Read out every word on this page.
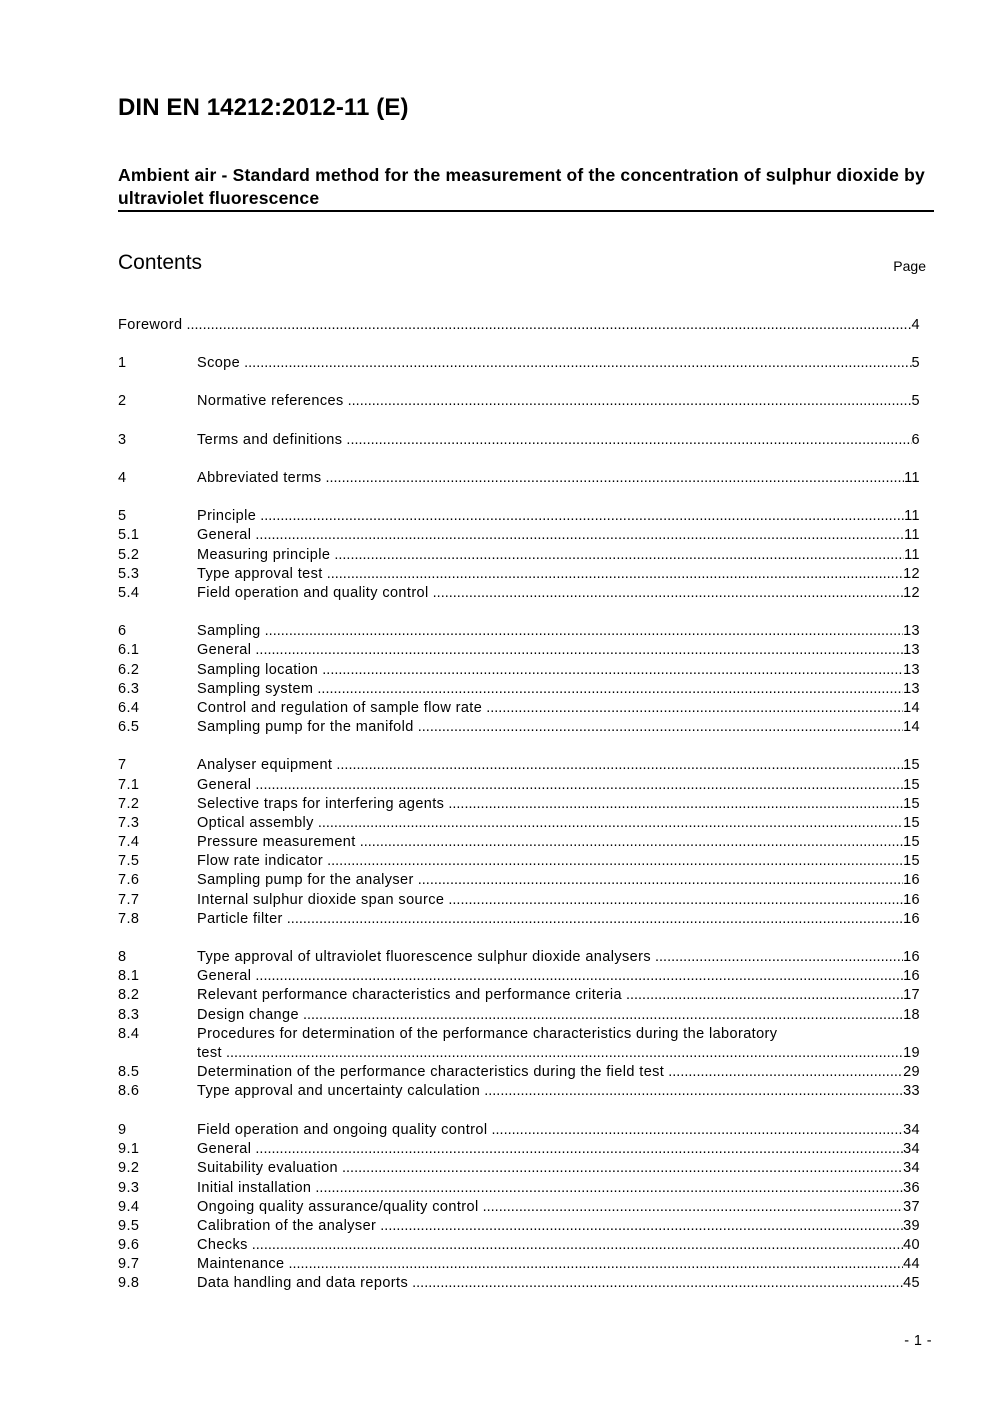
DIN EN 14212:2012-11 (E)
Ambient air - Standard method for the measurement of the concentration of sulphur dioxide by ultraviolet fluorescence
Contents	Page
Foreword .....	4
1	Scope .....	5
2	Normative references .....	5
3	Terms and definitions .....	6
4	Abbreviated terms .....	11
5	Principle .....	11
5.1	General .....	11
5.2	Measuring principle .....	11
5.3	Type approval test .....	12
5.4	Field operation and quality control .....	12
6	Sampling .....	13
6.1	General .....	13
6.2	Sampling location .....	13
6.3	Sampling system .....	13
6.4	Control and regulation of sample flow rate .....	14
6.5	Sampling pump for the manifold .....	14
7	Analyser equipment .....	15
7.1	General .....	15
7.2	Selective traps for interfering agents .....	15
7.3	Optical assembly .....	15
7.4	Pressure measurement .....	15
7.5	Flow rate indicator .....	15
7.6	Sampling pump for the analyser .....	16
7.7	Internal sulphur dioxide span source .....	16
7.8	Particle filter .....	16
8	Type approval of ultraviolet fluorescence sulphur dioxide analysers .....	16
8.1	General .....	16
8.2	Relevant performance characteristics and performance criteria .....	17
8.3	Design change .....	18
8.4	Procedures for determination of the performance characteristics during the laboratory
test .....	19
8.5	Determination of the performance characteristics during the field test .....	29
8.6	Type approval and uncertainty calculation .....	33
9	Field operation and ongoing quality control .....	34
9.1	General .....	34
9.2	Suitability evaluation .....	34
9.3	Initial installation .....	36
9.4	Ongoing quality assurance/quality control .....	37
9.5	Calibration of the analyser .....	39
9.6	Checks .....	40
9.7	Maintenance .....	44
9.8	Data handling and data reports .....	45
- 1 -
